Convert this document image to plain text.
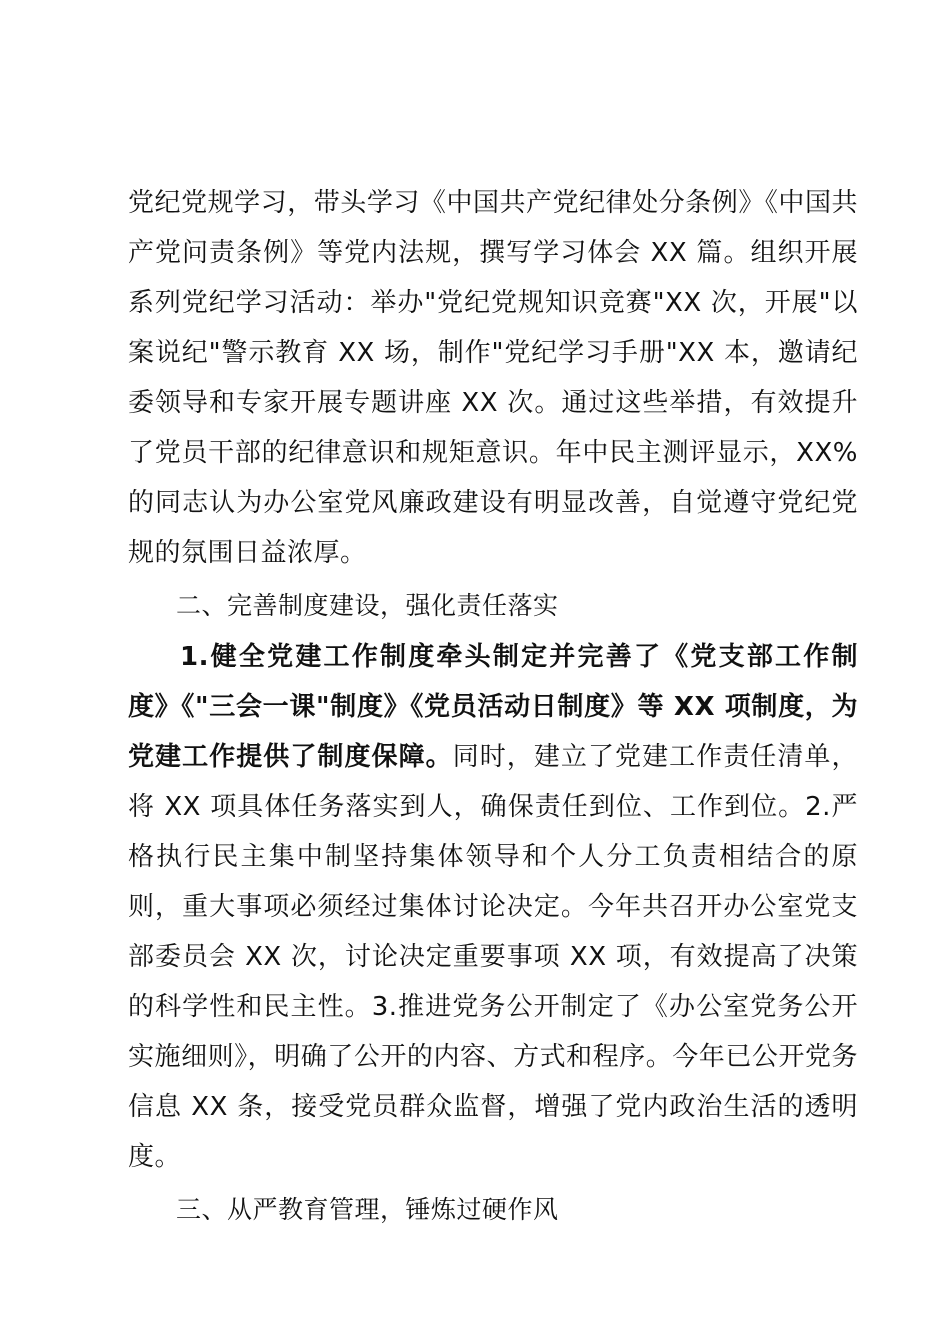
党纪党规学习，带头学习《中国共产党纪律处分条例》《中国共产党问责条例》等党内法规，撰写学习体会 XX 篇。组织开展系列党纪学习活动：举办"党纪党规知识竞赛"XX 次，开展"以案说纪"警示教育 XX 场，制作"党纪学习手册"XX 本，邀请纪委领导和专家开展专题讲座 XX 次。通过这些举措，有效提升了党员干部的纪律意识和规矩意识。年中民主测评显示，XX%的同志认为办公室党风廉政建设有明显改善，自觉遵守党纪党规的氛围日益浓厚。

二、完善制度建设，强化责任落实

1.健全党建工作制度牵头制定并完善了《党支部工作制度》《"三会一课"制度》《党员活动日制度》等 XX 项制度，为党建工作提供了制度保障。同时，建立了党建工作责任清单，将 XX 项具体任务落实到人，确保责任到位、工作到位。2.严格执行民主集中制坚持集体领导和个人分工负责相结合的原则，重大事项必须经过集体讨论决定。今年共召开办公室党支部委员会 XX 次，讨论决定重要事项 XX 项，有效提高了决策的科学性和民主性。3.推进党务公开制定了《办公室党务公开实施细则》，明确了公开的内容、方式和程序。今年已公开党务信息 XX 条，接受党员群众监督，增强了党内政治生活的透明度。

三、从严教育管理，锤炼过硬作风
